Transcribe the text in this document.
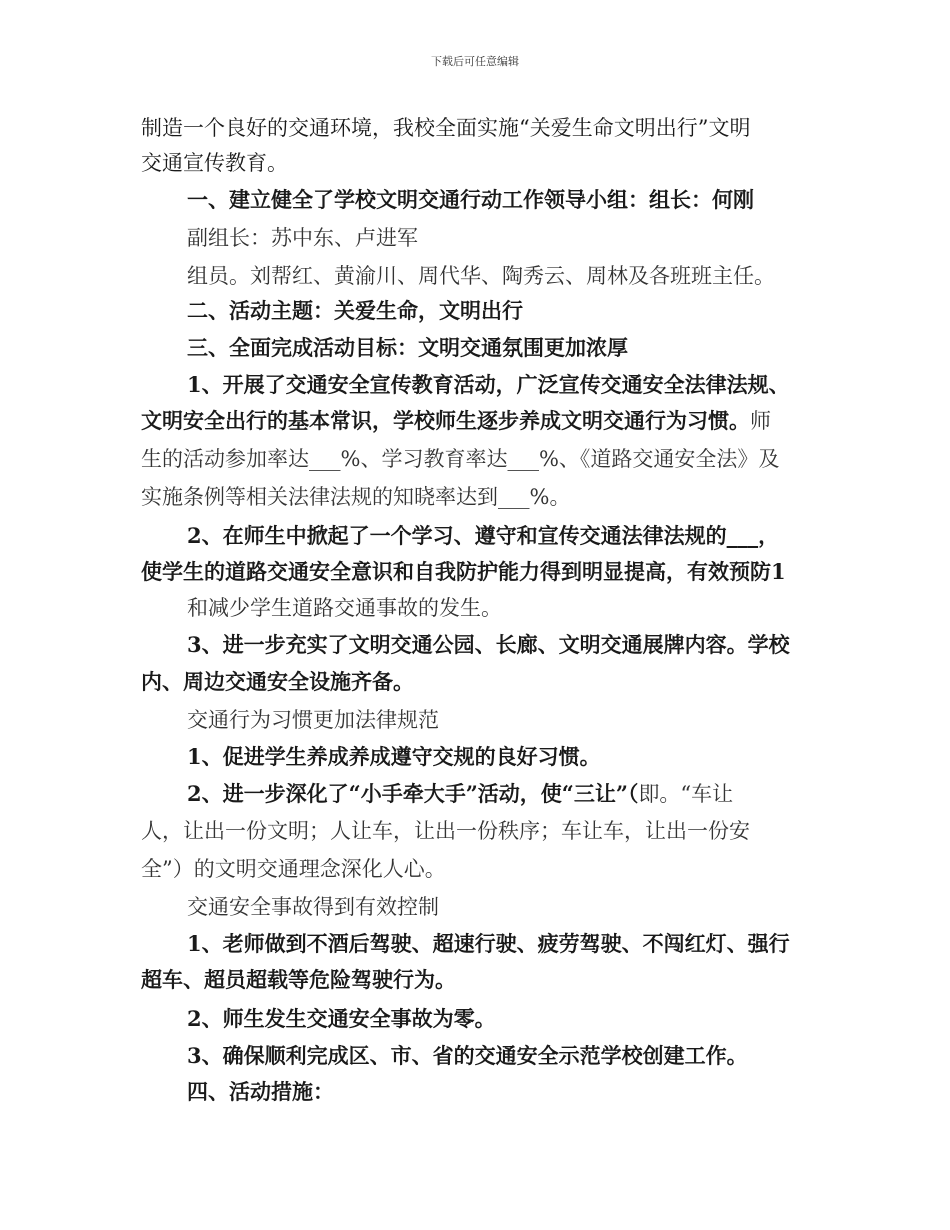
下载后可任意编辑
制造一个良好的交通环境，我校全面实施“关爱生命文明出行”文明
交通宣传教育。
一、建立健全了学校文明交通行动工作领导小组：组长：何刚
副组长：苏中东、卢进军
组员。刘帮红、黄渝川、周代华、陶秀云、周林及各班班主任。
二、活动主题：关爱生命，文明出行
三、全面完成活动目标：文明交通氛围更加浓厚
1、开展了交通安全宣传教育活动，广泛宣传交通安全法律法规、
文明安全出行的基本常识，学校师生逐步养成文明交通行为习惯。师
生的活动参加率达___%、学习教育率达___%、《道路交通安全法》及
实施条例等相关法律法规的知晓率达到___%。
2、在师生中掀起了一个学习、遵守和宣传交通法律法规的___，
使学生的道路交通安全意识和自我防护能力得到明显提高，有效预防1
和减少学生道路交通事故的发生。
3、进一步充实了文明交通公园、长廊、文明交通展牌内容。学校
内、周边交通安全设施齐备。
交通行为习惯更加法律规范
1、促进学生养成养成遵守交规的良好习惯。
2、进一步深化了“小手牵大手”活动，使“三让”（即。“车让
人，让出一份文明；人让车，让出一份秩序；车让车，让出一份安
全”）的文明交通理念深化人心。
交通安全事故得到有效控制
1、老师做到不酒后驾驶、超速行驶、疲劳驾驶、不闯红灯、强行
超车、超员超载等危险驾驶行为。
2、师生发生交通安全事故为零。
3、确保顺利完成区、市、省的交通安全示范学校创建工作。
四、活动措施：
